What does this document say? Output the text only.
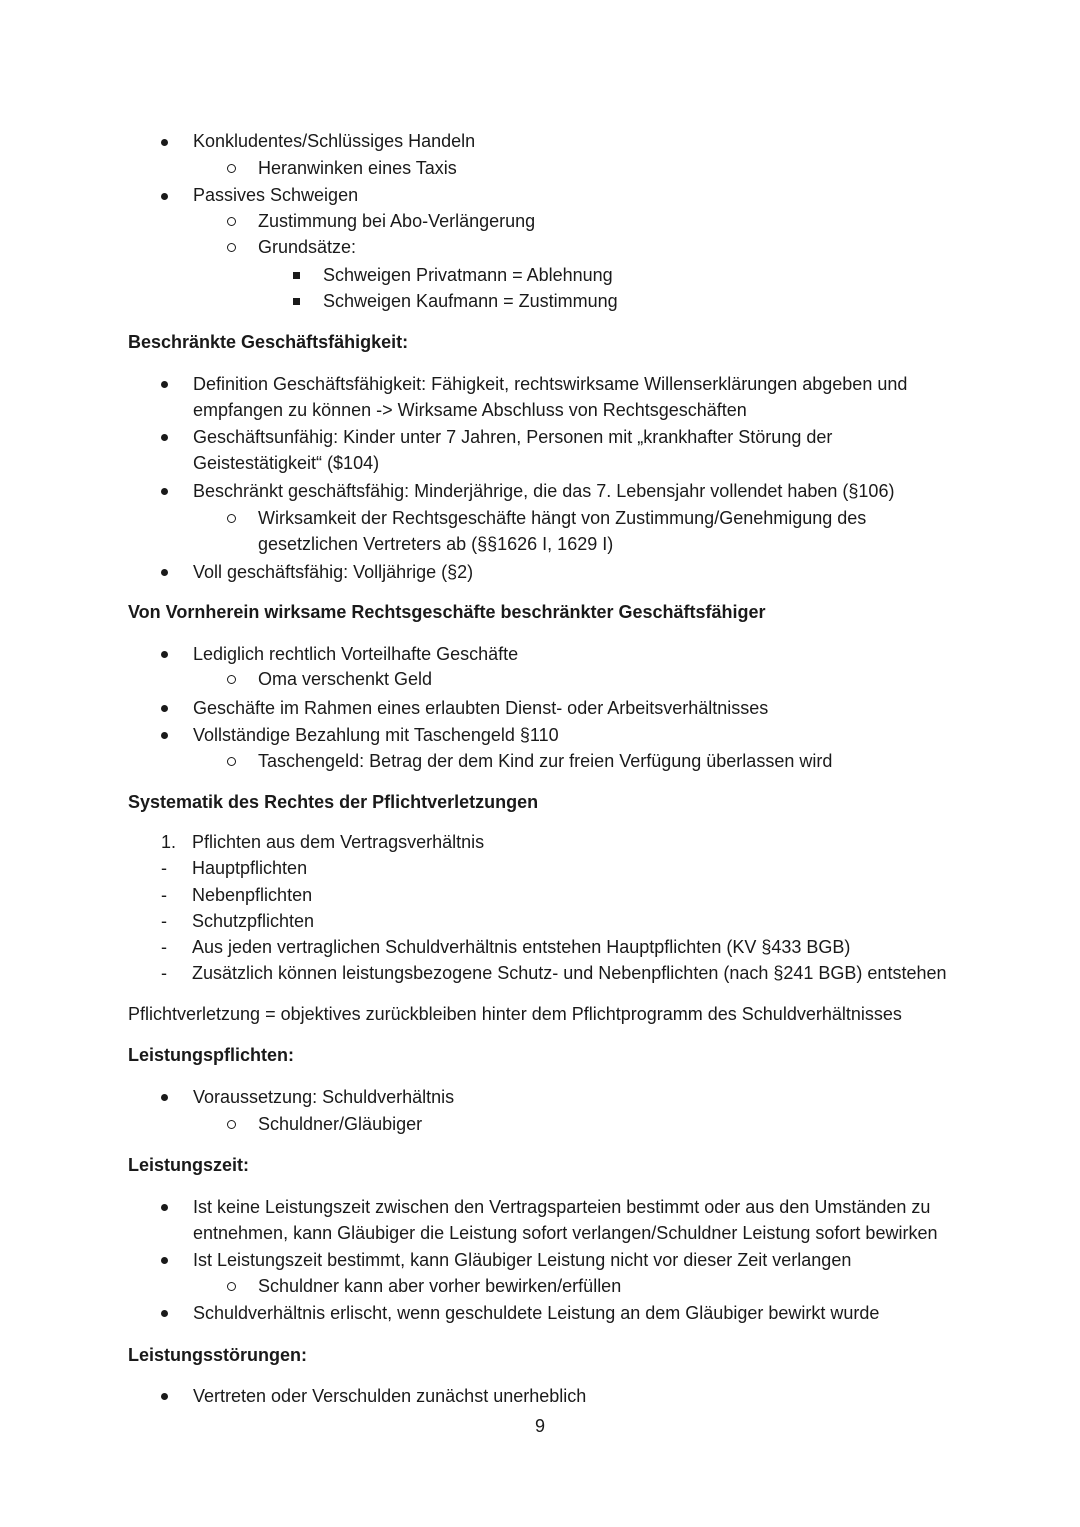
Konkludentes/Schlüssiges Handeln
Heranwinken eines Taxis
Passives Schweigen
Zustimmung bei Abo-Verlängerung
Grundsätze:
Schweigen Privatmann = Ablehnung
Schweigen Kaufmann = Zustimmung
Beschränkte Geschäftsfähigkeit:
Definition Geschäftsfähigkeit: Fähigkeit, rechtswirksame Willenserklärungen abgeben und
empfangen zu können -> Wirksame Abschluss von Rechtsgeschäften
Geschäftsunfähig: Kinder unter 7 Jahren, Personen mit „krankhafter Störung der
Geistestätigkeit“ ($104)
Beschränkt geschäftsfähig: Minderjährige, die das 7. Lebensjahr vollendet haben (§106)
Wirksamkeit der Rechtsgeschäfte hängt von Zustimmung/Genehmigung des
gesetzlichen Vertreters ab (§§1626 I, 1629 I)
Voll geschäftsfähig: Volljährige (§2)
Von Vornherein wirksame Rechtsgeschäfte beschränkter Geschäftsfähiger
Lediglich rechtlich Vorteilhafte Geschäfte
Oma verschenkt Geld
Geschäfte im Rahmen eines erlaubten Dienst- oder Arbeitsverhältnisses
Vollständige Bezahlung mit Taschengeld §110
Taschengeld: Betrag der dem Kind zur freien Verfügung überlassen wird
Systematik des Rechtes der Pflichtverletzungen
1. Pflichten aus dem Vertragsverhältnis
- Hauptpflichten
- Nebenpflichten
- Schutzpflichten
- Aus jeden vertraglichen Schuldverhältnis entstehen Hauptpflichten (KV §433 BGB)
- Zusätzlich können leistungsbezogene Schutz- und Nebenpflichten (nach §241 BGB) entstehen
Pflichtverletzung = objektives zurückbleiben hinter dem Pflichtprogramm des Schuldverhältnisses
Leistungspflichten:
Voraussetzung: Schuldverhältnis
Schuldner/Gläubiger
Leistungszeit:
Ist keine Leistungszeit zwischen den Vertragsparteien bestimmt oder aus den Umständen zu
entnehmen, kann Gläubiger die Leistung sofort verlangen/Schuldner Leistung sofort bewirken
Ist Leistungszeit bestimmt, kann Gläubiger Leistung nicht vor dieser Zeit verlangen
Schuldner kann aber vorher bewirken/erfüllen
Schuldverhältnis erlischt, wenn geschuldete Leistung an dem Gläubiger bewirkt wurde
Leistungsstörungen:
Vertreten oder Verschulden zunächst unerheblich
9
